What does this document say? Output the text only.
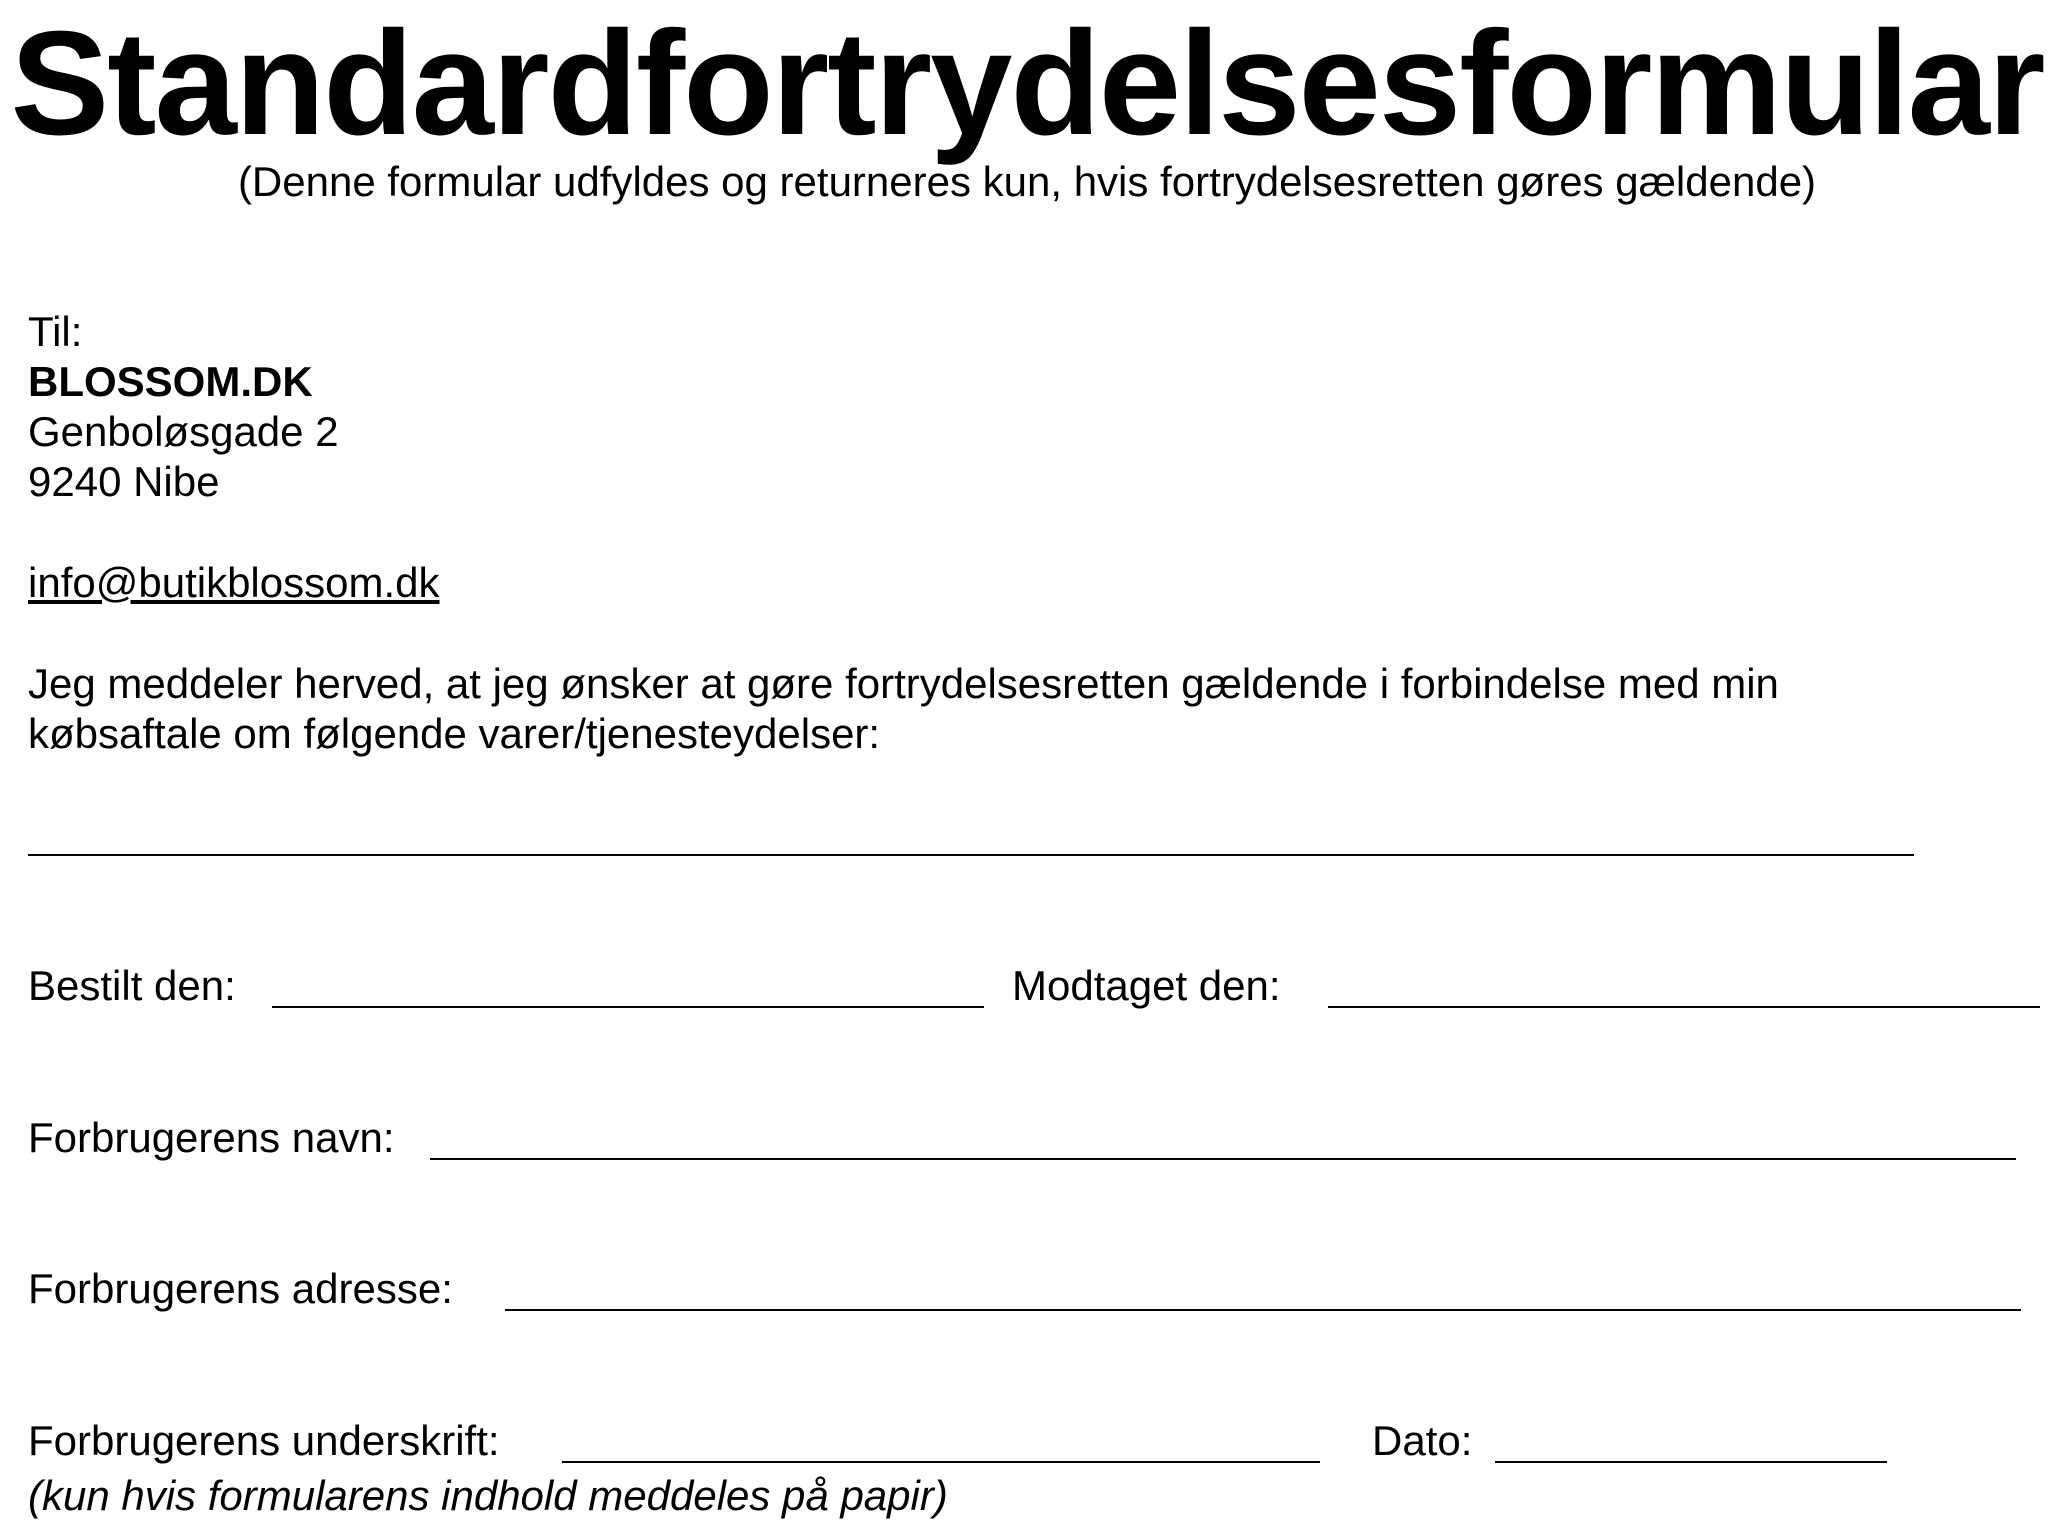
Standardfortrydelsesformular
(Denne formular udfyldes og returneres kun, hvis fortrydelsesretten gøres gældende)
Til:
BLOSSOM.DK
Genboløsgade 2
9240 Nibe
info@butikblossom.dk
Jeg meddeler herved, at jeg ønsker at gøre fortrydelsesretten gældende i forbindelse med min
købsaftale om følgende varer/tjenesteydelser:
Bestilt den:	Modtaget den:
Forbrugerens navn:
Forbrugerens adresse:
Forbrugerens underskrift:	Dato:
(kun hvis formularens indhold meddeles på papir)
